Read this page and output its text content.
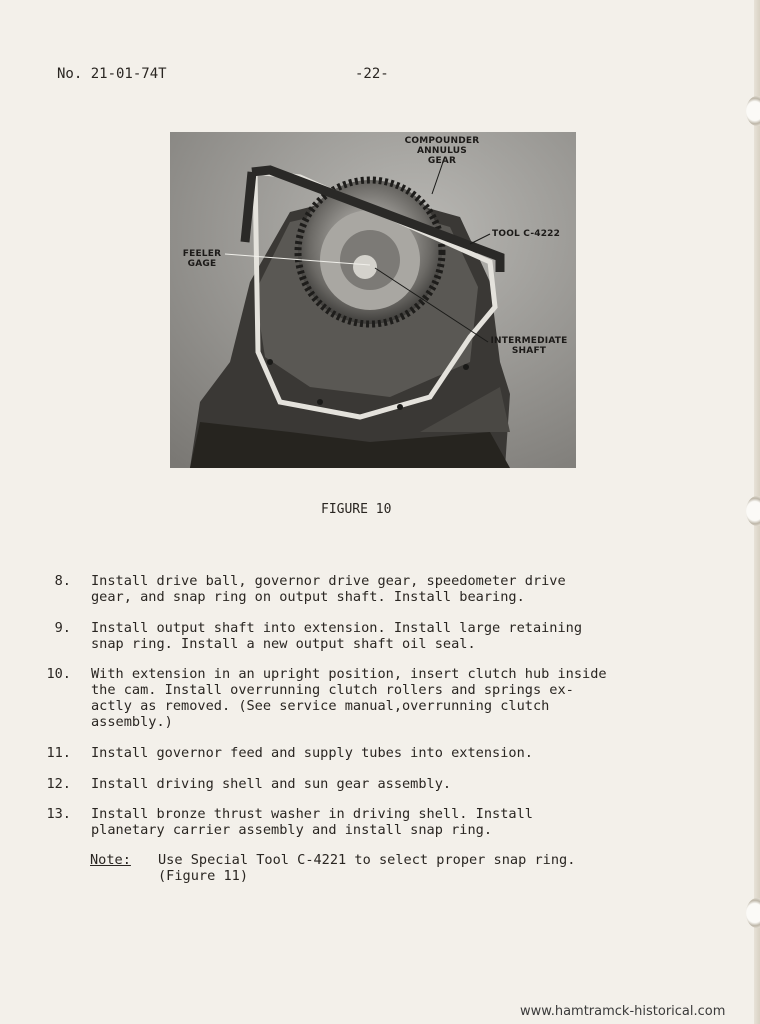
No. 21-01-74T	-22-
COMPOUNDER
ANNULUS
GEAR
TOOL C-4222
FEELER
GAGE
INTERMEDIATE
SHAFT
FIGURE 10
8. Install drive ball, governor drive gear, speedometer drive
gear, and snap ring on output shaft. Install bearing.
9. Install output shaft into extension. Install large retaining
snap ring. Install a new output shaft oil seal.
10. With extension in an upright position, insert clutch hub inside
the cam. Install overrunning clutch rollers and springs ex-
actly as removed. (See service manual,overrunning clutch
assembly.)
11. Install governor feed and supply tubes into extension.
12. Install driving shell and sun gear assembly.
13. Install bronze thrust washer in driving shell. Install
planetary carrier assembly and install snap ring.
Note: Use Special Tool C-4221 to select proper snap ring.
(Figure 11)
www.hamtramck-historical.com
